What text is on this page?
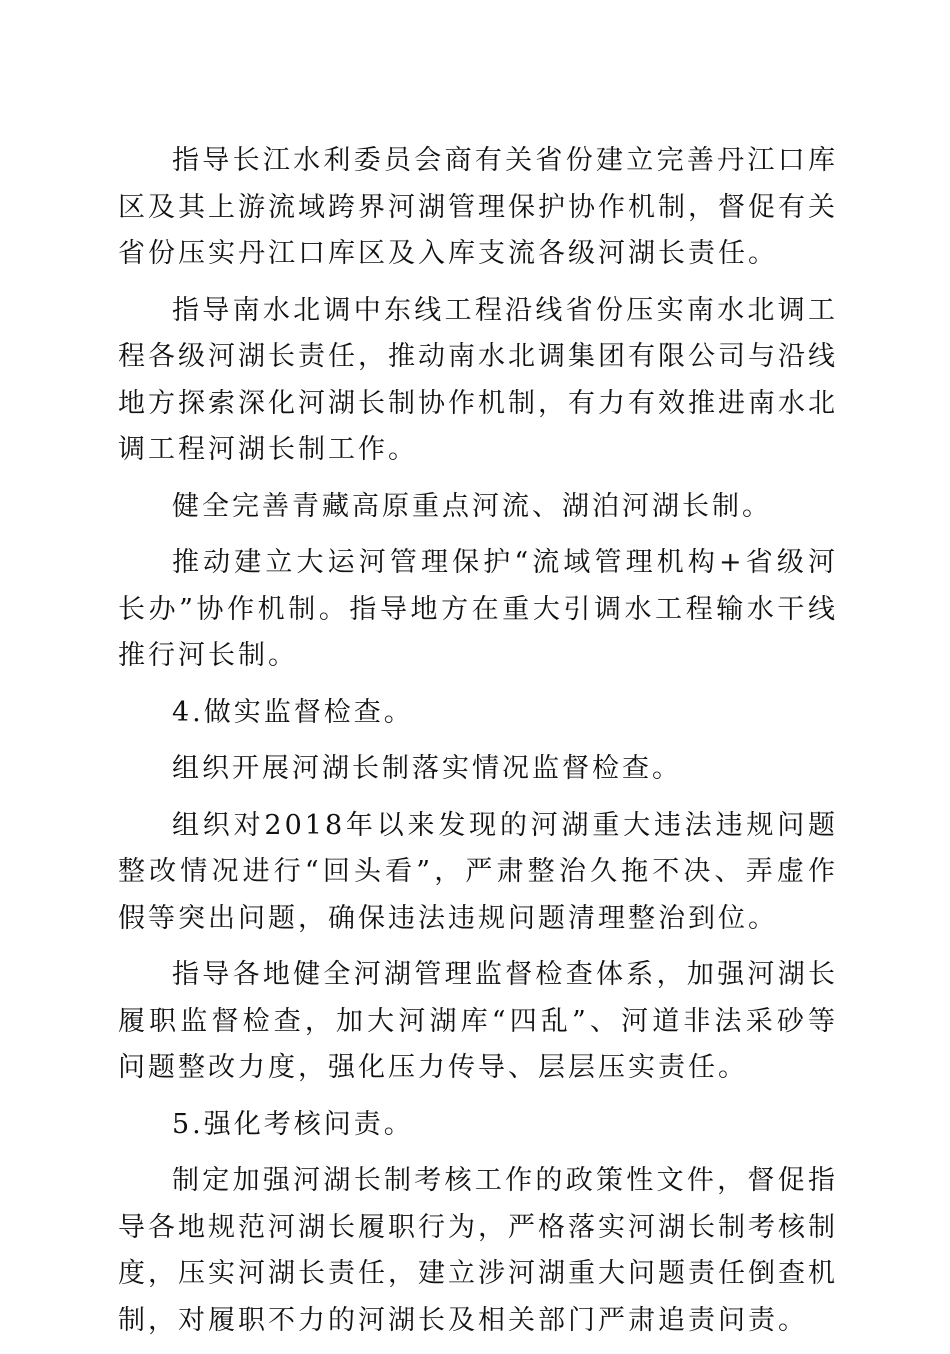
指导长江水利委员会商有关省份建立完善丹江口库区及其上游流域跨界河湖管理保护协作机制，督促有关省份压实丹江口库区及入库支流各级河湖长责任。

指导南水北调中东线工程沿线省份压实南水北调工程各级河湖长责任，推动南水北调集团有限公司与沿线地方探索深化河湖长制协作机制，有力有效推进南水北调工程河湖长制工作。

健全完善青藏高原重点河流、湖泊河湖长制。

推动建立大运河管理保护“流域管理机构+省级河长办”协作机制。指导地方在重大引调水工程输水干线推行河长制。

4.做实监督检查。

组织开展河湖长制落实情况监督检查。

组织对2018年以来发现的河湖重大违法违规问题整改情况进行“回头看”，严肃整治久拖不决、弄虚作假等突出问题，确保违法违规问题清理整治到位。

指导各地健全河湖管理监督检查体系，加强河湖长履职监督检查，加大河湖库“四乱”、河道非法采砂等问题整改力度，强化压力传导、层层压实责任。

5.强化考核问责。

制定加强河湖长制考核工作的政策性文件，督促指导各地规范河湖长履职行为，严格落实河湖长制考核制度，压实河湖长责任，建立涉河湖重大问题责任倒查机制，对履职不力的河湖长及相关部门严肃追责问责。
